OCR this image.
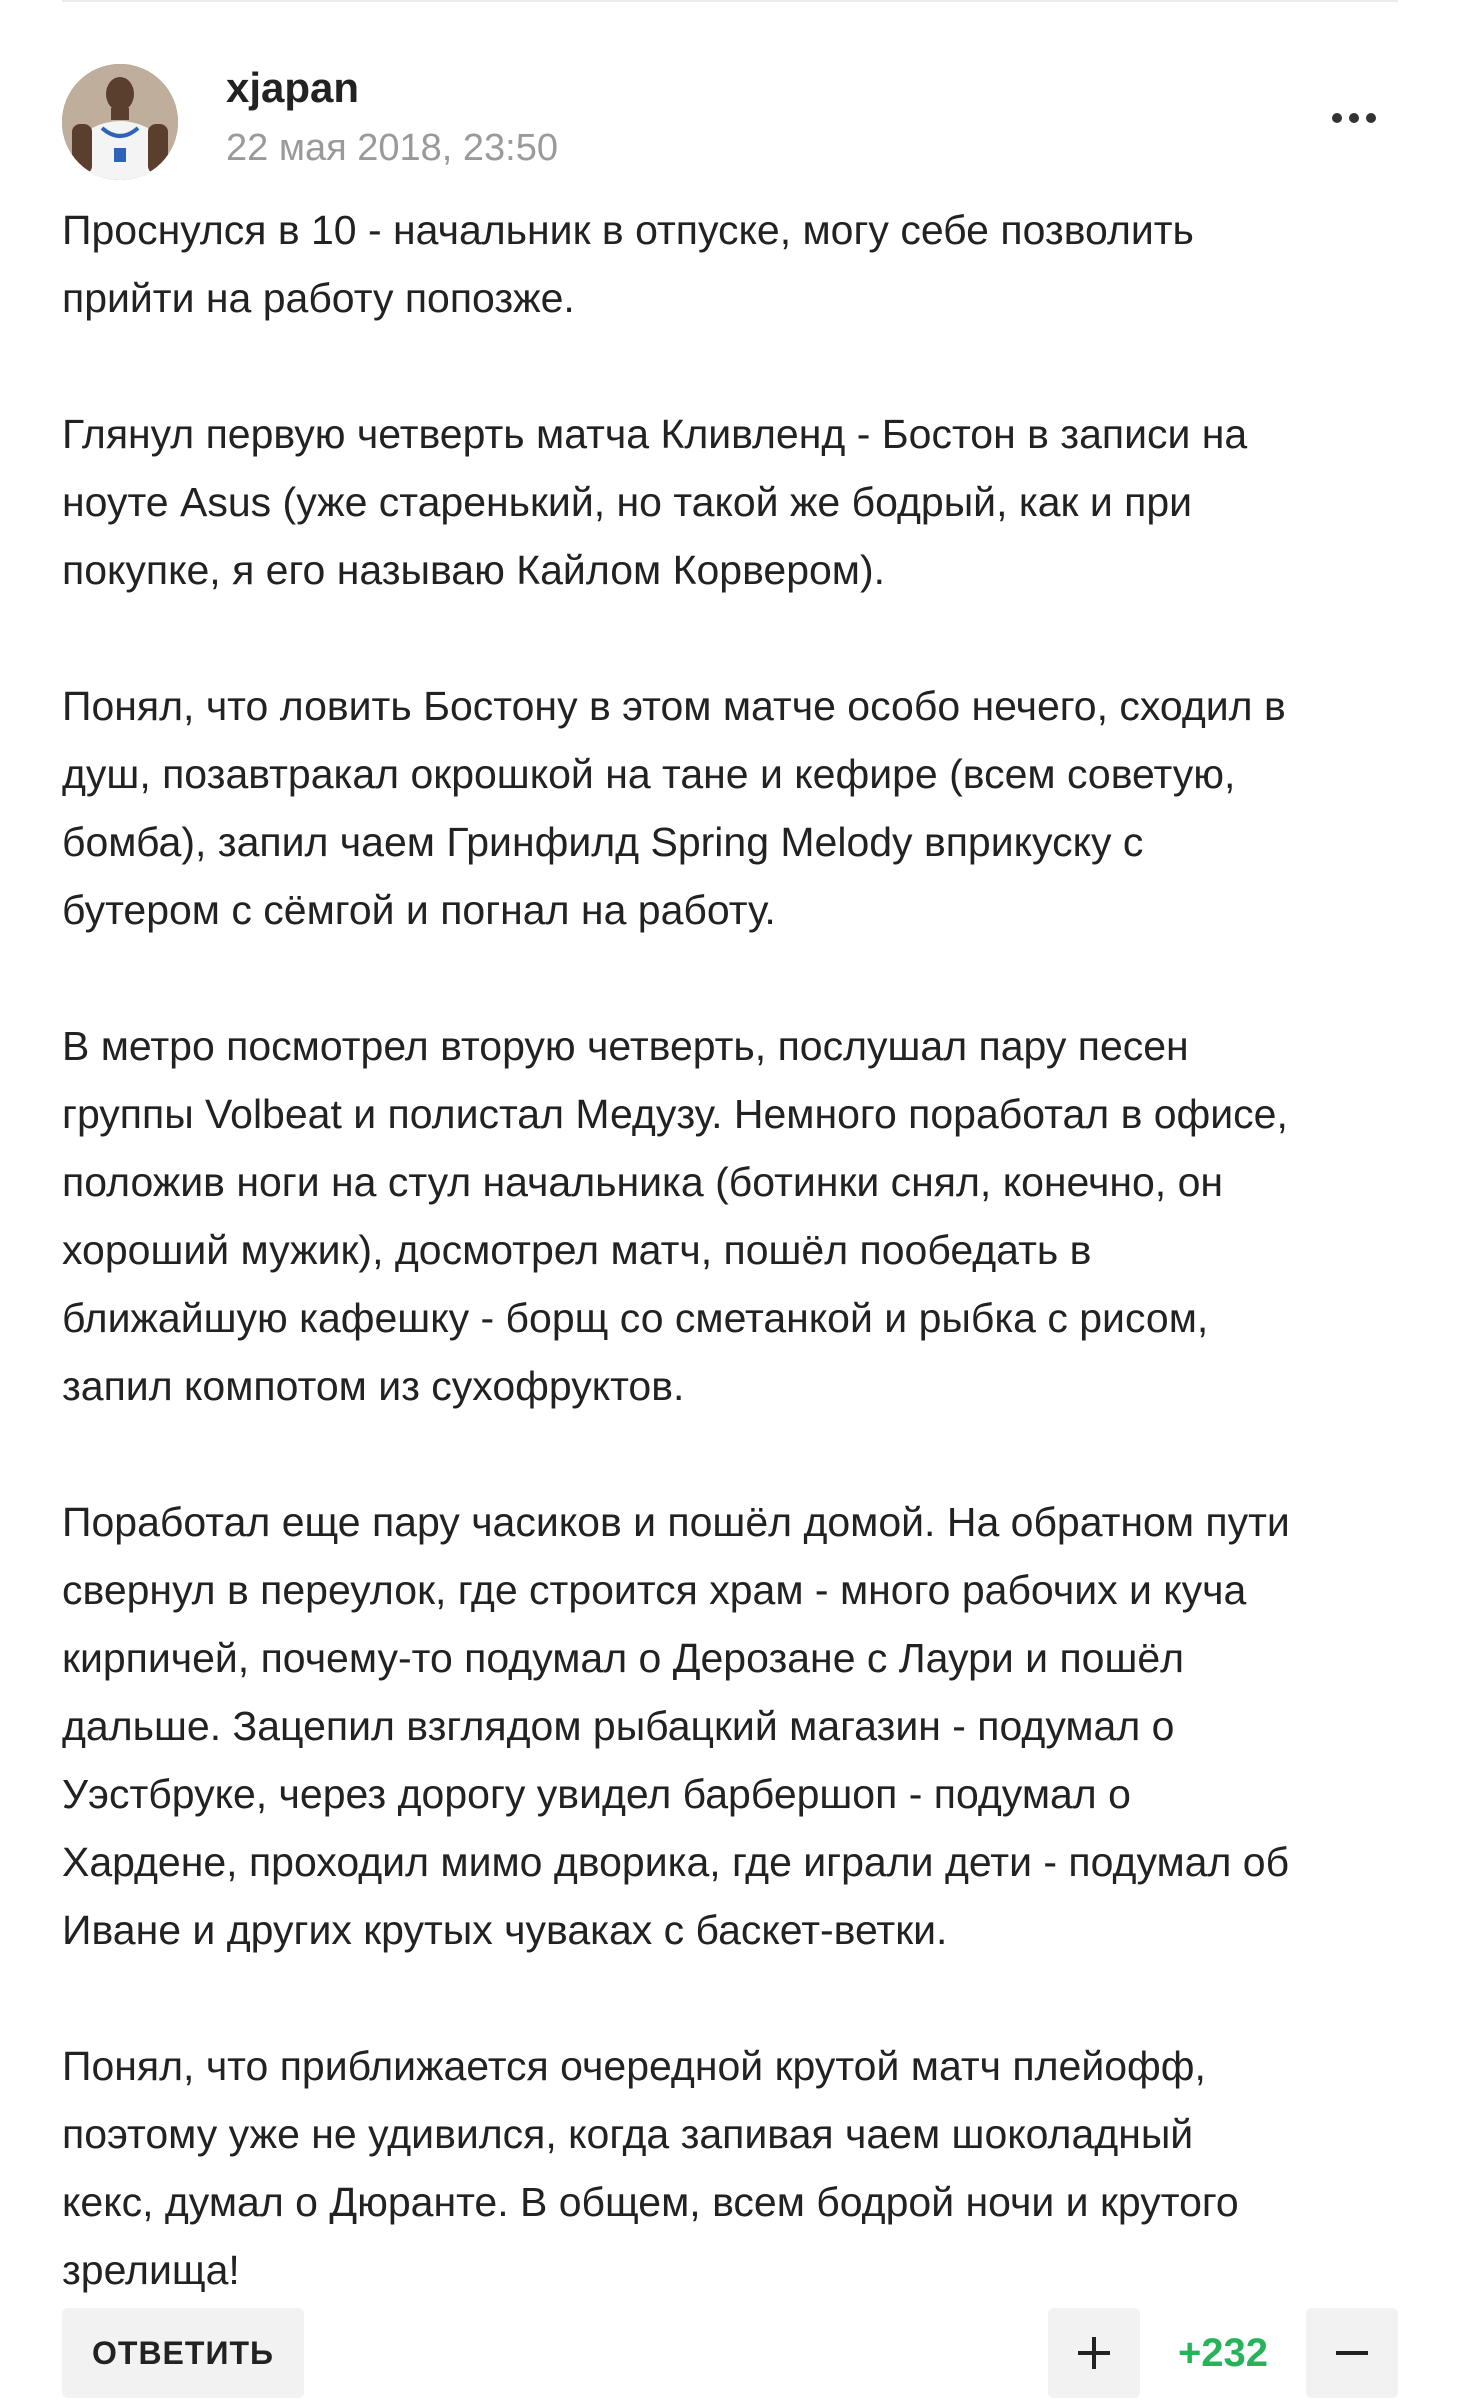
xjapan
22 мая 2018, 23:50

Проснулся в 10 - начальник в отпуске, могу себе позволить
прийти на работу попозже.

Глянул первую четверть матча Кливленд - Бостон в записи на
ноуте Asus (уже старенький, но такой же бодрый, как и при
покупке, я его называю Кайлом Корвером).

Понял, что ловить Бостону в этом матче особо нечего, сходил в
душ, позавтракал окрошкой на тане и кефире (всем советую,
бомба), запил чаем Гринфилд Spring Melody вприкуску с
бутером с сёмгой и погнал на работу.

В метро посмотрел вторую четверть, послушал пару песен
группы Volbeat и полистал Медузу. Немного поработал в офисе,
положив ноги на стул начальника (ботинки снял, конечно, он
хороший мужик), досмотрел матч, пошёл пообедать в
ближайшую кафешку - борщ со сметанкой и рыбка с рисом,
запил компотом из сухофруктов.

Поработал еще пару часиков и пошёл домой. На обратном пути
свернул в переулок, где строится храм - много рабочих и куча
кирпичей, почему-то подумал о Дерозане с Лаури и пошёл
дальше. Зацепил взглядом рыбацкий магазин - подумал о
Уэстбруке, через дорогу увидел барбершоп - подумал о
Хардене, проходил мимо дворика, где играли дети - подумал об
Иване и других крутых чуваках с баскет-ветки.

Понял, что приближается очередной крутой матч плейофф,
поэтому уже не удивился, когда запивая чаем шоколадный
кекс, думал о Дюранте. В общем, всем бодрой ночи и крутого
зрелища!

ОТВЕТИТЬ	+232
